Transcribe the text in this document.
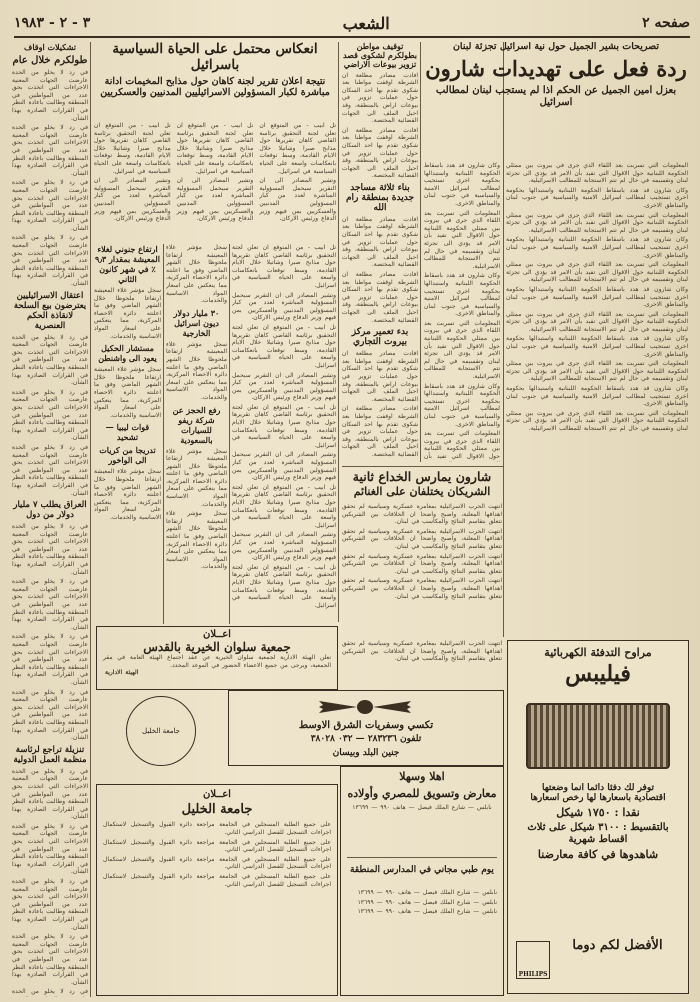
صفحه ٢
الشعب
٣ - ٢ - ١٩٨٣
تصريحات بشير الجميل حول نية اسرائيل تجزئة لبنان
ردة فعل على تهديدات شارون
بعزل امين الجميل عن الحكم اذا لم يستجب لبنان لمطالب اسرائيل

المعلومات التي تسربت بعد اللقاء الذي جرى في بيروت بين ممثلي الحكومة اللبنانية حول الاقوال التي تفيد بأن الامر قد يؤدي الى تجزئة لبنان وتقسيمه في حال لم تتم الاستجابة للمطالب الاسرائيلية.

وكان شارون قد هدد باسقاط الحكومة اللبنانية واستبدالها بحكومة اخرى تستجيب لمطالب اسرائيل الامنية والسياسية في جنوب لبنان والمناطق الاخرى.

المعلومات التي تسربت بعد اللقاء الذي جرى في بيروت بين ممثلي الحكومة اللبنانية حول الاقوال التي تفيد بأن الامر قد يؤدي الى تجزئة لبنان وتقسيمه في حال لم تتم الاستجابة للمطالب الاسرائيلية.

وكان شارون قد هدد باسقاط الحكومة اللبنانية واستبدالها بحكومة اخرى تستجيب لمطالب اسرائيل الامنية والسياسية في جنوب لبنان والمناطق الاخرى.

المعلومات التي تسربت بعد اللقاء الذي جرى في بيروت بين ممثلي الحكومة اللبنانية حول الاقوال التي تفيد بأن الامر قد يؤدي الى تجزئة لبنان وتقسيمه في حال لم تتم الاستجابة للمطالب الاسرائيلية.

وكان شارون قد هدد باسقاط الحكومة اللبنانية واستبدالها بحكومة اخرى تستجيب لمطالب اسرائيل الامنية والسياسية في جنوب لبنان والمناطق الاخرى.

المعلومات التي تسربت بعد اللقاء الذي جرى في بيروت بين ممثلي الحكومة اللبنانية حول الاقوال التي تفيد بأن الامر قد يؤدي الى تجزئة لبنان وتقسيمه في حال لم تتم الاستجابة للمطالب الاسرائيلية.

وكان شارون قد هدد باسقاط الحكومة اللبنانية واستبدالها بحكومة اخرى تستجيب لمطالب اسرائيل الامنية والسياسية في جنوب لبنان والمناطق الاخرى.

المعلومات التي تسربت بعد اللقاء الذي جرى في بيروت بين ممثلي الحكومة اللبنانية حول الاقوال التي تفيد بأن الامر قد يؤدي الى تجزئة لبنان وتقسيمه في حال لم تتم الاستجابة للمطالب الاسرائيلية.

وكان شارون قد هدد باسقاط الحكومة اللبنانية واستبدالها بحكومة اخرى تستجيب لمطالب اسرائيل الامنية والسياسية في جنوب لبنان والمناطق الاخرى.

المعلومات التي تسربت بعد اللقاء الذي جرى في بيروت بين ممثلي الحكومة اللبنانية حول الاقوال التي تفيد بأن الامر قد يؤدي الى تجزئة لبنان وتقسيمه في حال لم تتم الاستجابة للمطالب الاسرائيلية.

وكان شارون قد هدد باسقاط الحكومة اللبنانية واستبدالها بحكومة اخرى تستجيب لمطالب اسرائيل الامنية والسياسية في جنوب لبنان والمناطق الاخرى.

المعلومات التي تسربت بعد اللقاء الذي جرى في بيروت بين ممثلي الحكومة اللبنانية حول الاقوال التي تفيد بأن الامر قد يؤدي الى تجزئة لبنان وتقسيمه في حال لم تتم الاستجابة للمطالب الاسرائيلية.

وكان شارون قد هدد باسقاط الحكومة اللبنانية واستبدالها بحكومة اخرى تستجيب لمطالب اسرائيل الامنية والسياسية في جنوب لبنان والمناطق الاخرى.

المعلومات التي تسربت بعد اللقاء الذي جرى في بيروت بين ممثلي الحكومة اللبنانية حول الاقوال التي تفيد بأن الامر قد يؤدي الى تجزئة لبنان وتقسيمه في حال لم تتم الاستجابة للمطالب الاسرائيلية.

وكان شارون قد هدد باسقاط الحكومة اللبنانية واستبدالها بحكومة اخرى تستجيب لمطالب اسرائيل الامنية والسياسية في جنوب لبنان والمناطق الاخرى.

المعلومات التي تسربت بعد اللقاء الذي جرى في بيروت بين ممثلي الحكومة اللبنانية حول الاقوال التي تفيد بأن

شارون يمارس الخداع ثانية
الشريكان يختلفان على الغنائم

انتهت الحرب الاسرائيلية بمغامرة عسكرية وسياسية لم تحقق اهدافها المعلنة، واصبح واضحا ان الخلافات بين الشريكين تتعلق بتقاسم النتائج والمكاسب في لبنان.

انتهت الحرب الاسرائيلية بمغامرة عسكرية وسياسية لم تحقق اهدافها المعلنة، واصبح واضحا ان الخلافات بين الشريكين تتعلق بتقاسم النتائج والمكاسب في لبنان.

انتهت الحرب الاسرائيلية بمغامرة عسكرية وسياسية لم تحقق اهدافها المعلنة، واصبح واضحا ان الخلافات بين الشريكين تتعلق بتقاسم النتائج والمكاسب في لبنان.

انتهت الحرب الاسرائيلية بمغامرة عسكرية وسياسية لم تحقق اهدافها المعلنة، واصبح واضحا ان الخلافات بين الشريكين تتعلق بتقاسم النتائج والمكاسب في لبنان.

مراوح التدفئة الكهربائية
فيليبس
توفر لك دفئا دائما انما وضعتها
اقتصادية باسعارها لها رخص اسعارها
نقدا : ١٧٥٠ شيكل
بالتقسيط : ٣١٠٠ شيكل على ثلاث
اقساط شهرية
شاهدوها في كافة معارضنا
الأفضل لكم دوما
PHILIPS

انتهت الحرب الاسرائيلية بمغامرة عسكرية وسياسية لم تحقق اهدافها المعلنة، واصبح واضحا ان الخلافات بين الشريكين تتعلق بتقاسم النتائج والمكاسب في لبنان.

توقيف مواطن بطولكرم لشكوى قصد تزوير بيوعات الاراضي

افادت مصادر مطلعة ان الشرطة اوقفت مواطنا بعد شكوى تقدم بها احد السكان حول عمليات تزوير في بيوعات اراض بالمنطقة، وقد احيل الملف الى الجهات القضائية المختصة.

افادت مصادر مطلعة ان الشرطة اوقفت مواطنا بعد شكوى تقدم بها احد السكان حول عمليات تزوير في بيوعات اراض بالمنطقة، وقد احيل الملف الى الجهات القضائية المختصة.

بناء ثلاثة مساجد جديدة بمنطقة رام الله

افادت مصادر مطلعة ان الشرطة اوقفت مواطنا بعد شكوى تقدم بها احد السكان حول عمليات تزوير في بيوعات اراض بالمنطقة، وقد احيل الملف الى الجهات القضائية المختصة.

افادت مصادر مطلعة ان الشرطة اوقفت مواطنا بعد شكوى تقدم بها احد السكان حول عمليات تزوير في بيوعات اراض بالمنطقة، وقد احيل الملف الى الجهات القضائية المختصة.

بدء تعمير مركز بيروت التجاري

افادت مصادر مطلعة ان الشرطة اوقفت مواطنا بعد شكوى تقدم بها احد السكان حول عمليات تزوير في بيوعات اراض بالمنطقة، وقد احيل الملف الى الجهات القضائية المختصة.

افادت مصادر مطلعة ان الشرطة اوقفت مواطنا بعد شكوى تقدم بها احد السكان حول عمليات تزوير في بيوعات اراض بالمنطقة، وقد احيل الملف الى الجهات القضائية المختصة.

انعكاس محتمل على الحياة السياسية باسرائيل
نتيجة اعلان تقرير لجنة كاهان حول مذابح المخيمات ادانة مباشرة لكبار المسؤولين الاسرائيليين المدنيين والعسكريين

تل ابيب - من المتوقع ان تعلن لجنة التحقيق برئاسة القاضي كاهان تقريرها حول مذابح صبرا وشاتيلا خلال الايام القادمة، وسط توقعات بانعكاسات واسعة على الحياة السياسية في اسرائيل.

وتشير المصادر الى ان التقرير سيحمل المسؤولية المباشرة لعدد من كبار المسؤولين المدنيين والعسكريين بمن فيهم وزير الدفاع ورئيس الاركان.

تل ابيب - من المتوقع ان تعلن لجنة التحقيق برئاسة القاضي كاهان تقريرها حول مذابح صبرا وشاتيلا خلال الايام القادمة، وسط توقعات بانعكاسات واسعة على الحياة السياسية في اسرائيل.

وتشير المصادر الى ان التقرير سيحمل المسؤولية المباشرة لعدد من كبار المسؤولين المدنيين والعسكريين بمن فيهم وزير الدفاع ورئيس الاركان.

تل ابيب - من المتوقع ان تعلن لجنة التحقيق برئاسة القاضي كاهان تقريرها حول مذابح صبرا وشاتيلا خلال الايام القادمة، وسط توقعات بانعكاسات واسعة على الحياة السياسية في اسرائيل.

وتشير المصادر الى ان التقرير سيحمل المسؤولية المباشرة لعدد من كبار المسؤولين المدنيين والعسكريين بمن فيهم وزير الدفاع ورئيس الاركان.

تل ابيب - من المتوقع ان تعلن لجنة التحقيق برئاسة القاضي كاهان تقريرها حول مذابح صبرا وشاتيلا خلال الايام القادمة، وسط توقعات بانعكاسات واسعة على الحياة السياسية في اسرائيل.

وتشير المصادر الى ان التقرير سيحمل المسؤولية المباشرة لعدد من كبار المسؤولين المدنيين والعسكريين بمن فيهم وزير الدفاع ورئيس الاركان.

تل ابيب - من المتوقع ان تعلن لجنة التحقيق برئاسة القاضي كاهان تقريرها حول مذابح صبرا وشاتيلا خلال الايام القادمة، وسط توقعات بانعكاسات واسعة على الحياة السياسية في اسرائيل.

وتشير المصادر الى ان التقرير سيحمل المسؤولية المباشرة لعدد من كبار المسؤولين المدنيين والعسكريين بمن فيهم وزير الدفاع ورئيس الاركان.

تل ابيب - من المتوقع ان تعلن لجنة التحقيق برئاسة القاضي كاهان تقريرها حول مذابح صبرا وشاتيلا خلال الايام القادمة، وسط توقعات بانعكاسات واسعة على الحياة السياسية في اسرائيل.

وتشير المصادر الى ان التقرير سيحمل المسؤولية المباشرة لعدد من كبار المسؤولين المدنيين والعسكريين بمن فيهم وزير الدفاع ورئيس الاركان.

تل ابيب - من المتوقع ان تعلن لجنة التحقيق برئاسة القاضي كاهان تقريرها حول مذابح صبرا وشاتيلا خلال الايام القادمة، وسط توقعات بانعكاسات واسعة على الحياة السياسية في اسرائيل.

وتشير المصادر الى ان التقرير سيحمل المسؤولية المباشرة لعدد من كبار المسؤولين المدنيين والعسكريين بمن فيهم وزير الدفاع ورئيس الاركان.

تل ابيب - من المتوقع ان تعلن لجنة التحقيق برئاسة القاضي كاهان تقريرها حول مذابح صبرا وشاتيلا خلال الايام القادمة، وسط توقعات بانعكاسات واسعة على الحياة السياسية في اسرائيل.

سجل مؤشر غلاء المعيشة ارتفاعا ملحوظا خلال الشهر الماضي وفق ما اعلنته دائرة الاحصاء المركزية، مما ينعكس على اسعار المواد الاساسية والخدمات.

٣٠ مليار دولار ديون اسرائيل الخارجية

سجل مؤشر غلاء المعيشة ارتفاعا ملحوظا خلال الشهر الماضي وفق ما اعلنته دائرة الاحصاء المركزية، مما ينعكس على اسعار المواد الاساسية والخدمات.

رفع الحجز عن شركة ريفو للسيارات بالسعودية

سجل مؤشر غلاء المعيشة ارتفاعا ملحوظا خلال الشهر الماضي وفق ما اعلنته دائرة الاحصاء المركزية، مما ينعكس على اسعار المواد الاساسية والخدمات.

سجل مؤشر غلاء المعيشة ارتفاعا ملحوظا خلال الشهر الماضي وفق ما اعلنته دائرة الاحصاء المركزية، مما ينعكس على اسعار المواد الاساسية والخدمات.

ارتفاع جنوني لغلاء المعيشة بمقدار ٩٫٣ ٪ في شهر كانون الثاني

سجل مؤشر غلاء المعيشة ارتفاعا ملحوظا خلال الشهر الماضي وفق ما اعلنته دائرة الاحصاء المركزية، مما ينعكس على اسعار المواد الاساسية والخدمات.

مستشار الحكيل يعود الى واشنطن

سجل مؤشر غلاء المعيشة ارتفاعا ملحوظا خلال الشهر الماضي وفق ما اعلنته دائرة الاحصاء المركزية، مما ينعكس على اسعار المواد الاساسية والخدمات.

قوات ليبيا — تشحيد
تدريجا من كريات الى الواخور

سجل مؤشر غلاء المعيشة ارتفاعا ملحوظا خلال الشهر الماضي وفق ما اعلنته دائرة الاحصاء المركزية، مما ينعكس على اسعار المواد الاساسية والخدمات.

اعــلان
جمعية سلوان الخيرية بالقدس
تعلن الهيئة الادارية لجمعية سلوان الخيرية عن عقد اجتماع الهيئة العامة في مقر الجمعية، ويرجى من جميع الاعضاء الحضور في الموعد المحدد.
الهيئة الادارية
تكسي وسفريات الشرق الاوسط
تلفون ٢٨٣٢٣٦ — ٠٣٢ ٣٨٠٢٨
جنين البلد وبيسان
جامعة الخليل
اعــلان
جامعة الخليل

على جميع الطلبة المسجلين في الجامعة مراجعة دائرة القبول والتسجيل لاستكمال اجراءات التسجيل للفصل الدراسي الثاني.

على جميع الطلبة المسجلين في الجامعة مراجعة دائرة القبول والتسجيل لاستكمال اجراءات التسجيل للفصل الدراسي الثاني.

على جميع الطلبة المسجلين في الجامعة مراجعة دائرة القبول والتسجيل لاستكمال اجراءات التسجيل للفصل الدراسي الثاني.

على جميع الطلبة المسجلين في الجامعة مراجعة دائرة القبول والتسجيل لاستكمال اجراءات التسجيل للفصل الدراسي الثاني.

اهلا وسهلا
معارض وتسويق للمصري وأولاده
نابلس — شارع الملك فيصل — هاتف ٩٩٠ — ١٣٦٩٩
يوم طبي مجاني في المدارس المنطقة

نابلس — شارع الملك فيصل — هاتف ٩٩٠ — ١٣٦٩٩

نابلس — شارع الملك فيصل — هاتف ٩٩٠ — ١٣٦٩٩

نابلس — شارع الملك فيصل — هاتف ٩٩٠ — ١٣٦٩٩

تشكيلات اوقاف
طولكرم خلال عام

في رد لا يخلو من الحدة عارضت الجهات المعنية الاجراءات التي اتخذت بحق عدد من المواطنين في المنطقة وطالبت باعادة النظر في القرارات الصادرة بهذا الشأن.

في رد لا يخلو من الحدة عارضت الجهات المعنية الاجراءات التي اتخذت بحق عدد من المواطنين في المنطقة وطالبت باعادة النظر في القرارات الصادرة بهذا الشأن.

في رد لا يخلو من الحدة عارضت الجهات المعنية الاجراءات التي اتخذت بحق عدد من المواطنين في المنطقة وطالبت باعادة النظر في القرارات الصادرة بهذا الشأن.

في رد لا يخلو من الحدة عارضت الجهات المعنية الاجراءات التي اتخذت بحق عدد من المواطنين في المنطقة وطالبت باعادة النظر في القرارات الصادرة بهذا الشأن.

اعتقال الاسرائيليين يعترضون بيع السلحة لانقاذة الحكم العنصرية

في رد لا يخلو من الحدة عارضت الجهات المعنية الاجراءات التي اتخذت بحق عدد من المواطنين في المنطقة وطالبت باعادة النظر في القرارات الصادرة بهذا الشأن.

في رد لا يخلو من الحدة عارضت الجهات المعنية الاجراءات التي اتخذت بحق عدد من المواطنين في المنطقة وطالبت باعادة النظر في القرارات الصادرة بهذا الشأن.

في رد لا يخلو من الحدة عارضت الجهات المعنية الاجراءات التي اتخذت بحق عدد من المواطنين في المنطقة وطالبت باعادة النظر في القرارات الصادرة بهذا الشأن.

العراق يطلب ٧ مليار دولار من دول

في رد لا يخلو من الحدة عارضت الجهات المعنية الاجراءات التي اتخذت بحق عدد من المواطنين في المنطقة وطالبت باعادة النظر في القرارات الصادرة بهذا الشأن.

في رد لا يخلو من الحدة عارضت الجهات المعنية الاجراءات التي اتخذت بحق عدد من المواطنين في المنطقة وطالبت باعادة النظر في القرارات الصادرة بهذا الشأن.

في رد لا يخلو من الحدة عارضت الجهات المعنية الاجراءات التي اتخذت بحق عدد من المواطنين في المنطقة وطالبت باعادة النظر في القرارات الصادرة بهذا الشأن.

في رد لا يخلو من الحدة عارضت الجهات المعنية الاجراءات التي اتخذت بحق عدد من المواطنين في المنطقة وطالبت باعادة النظر في القرارات الصادرة بهذا الشأن.

تنزيلة تراجع لرئاسة منظمة العمل الدولية

في رد لا يخلو من الحدة عارضت الجهات المعنية الاجراءات التي اتخذت بحق عدد من المواطنين في المنطقة وطالبت باعادة النظر في القرارات الصادرة بهذا الشأن.

في رد لا يخلو من الحدة عارضت الجهات المعنية الاجراءات التي اتخذت بحق عدد من المواطنين في المنطقة وطالبت باعادة النظر في القرارات الصادرة بهذا الشأن.

في رد لا يخلو من الحدة عارضت الجهات المعنية الاجراءات التي اتخذت بحق عدد من المواطنين في المنطقة وطالبت باعادة النظر في القرارات الصادرة بهذا الشأن.

في رد لا يخلو من الحدة عارضت الجهات المعنية الاجراءات التي اتخذت بحق عدد من المواطنين في المنطقة وطالبت باعادة النظر في القرارات الصادرة بهذا الشأن.

في رد لا يخلو من الحدة
